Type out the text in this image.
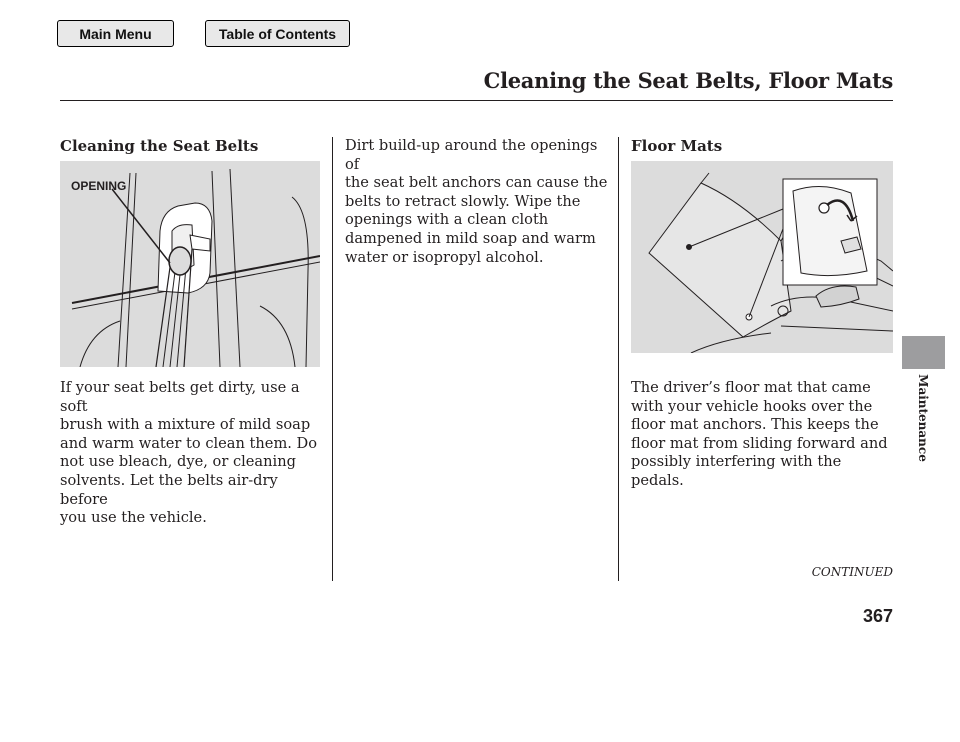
Main Menu	Table of Contents
Cleaning the Seat Belts, Floor Mats
Cleaning the Seat Belts
OPENING
If your seat belts get dirty, use a soft
brush with a mixture of mild soap
and warm water to clean them. Do
not use bleach, dye, or cleaning
solvents. Let the belts air-dry before
you use the vehicle.
Dirt build-up around the openings of
the seat belt anchors can cause the
belts to retract slowly. Wipe the
openings with a clean cloth
dampened in mild soap and warm
water or isopropyl alcohol.
Floor Mats
The driver’s floor mat that came
with your vehicle hooks over the
floor mat anchors. This keeps the
floor mat from sliding forward and
possibly interfering with the pedals.
Maintenance
CONTINUED
367
